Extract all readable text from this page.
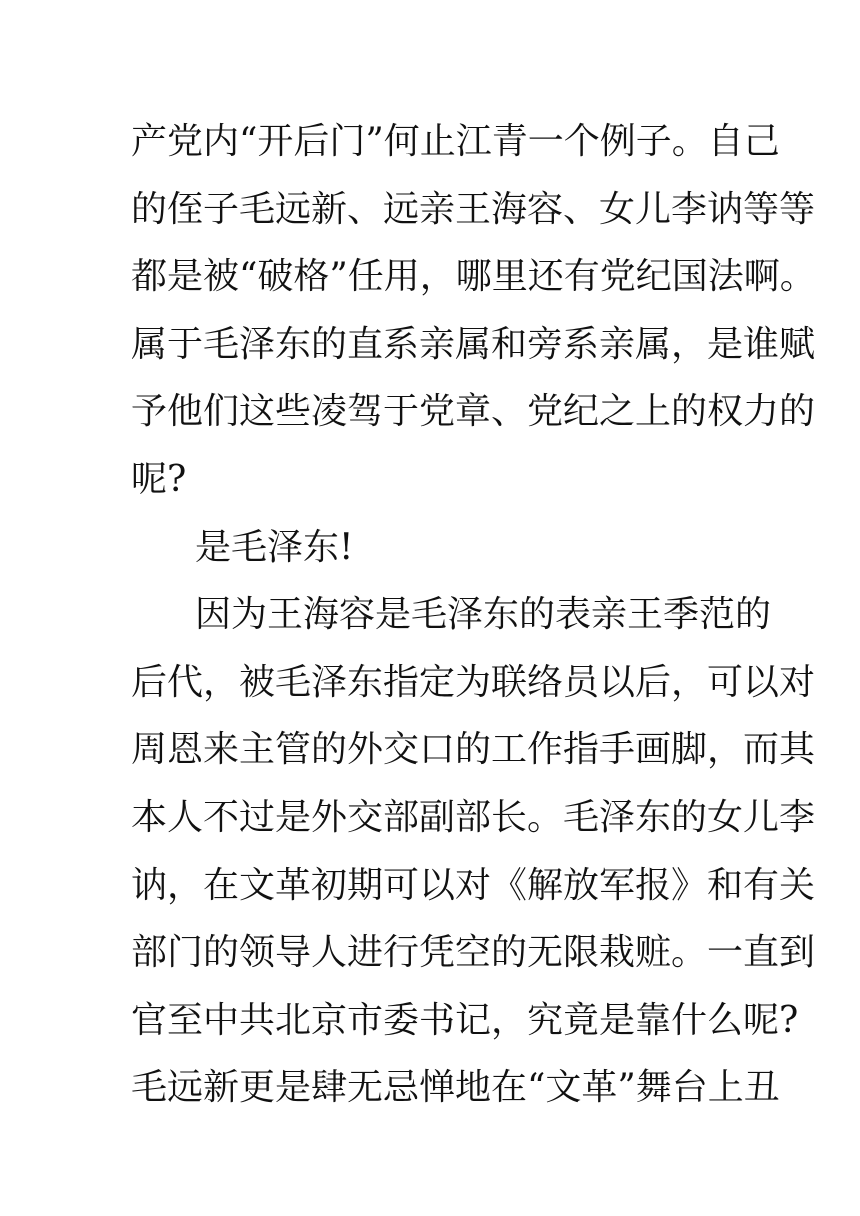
产党内“开后门”何止江青一个例子。自己
的侄子毛远新、远亲王海容、女儿李讷等等
都是被“破格”任用，哪里还有党纪国法啊。
属于毛泽东的直系亲属和旁系亲属，是谁赋
予他们这些凌驾于党章、党纪之上的权力的
呢?
是毛泽东!
因为王海容是毛泽东的表亲王季范的
后代，被毛泽东指定为联络员以后，可以对
周恩来主管的外交口的工作指手画脚，而其
本人不过是外交部副部长。毛泽东的女儿李
讷，在文革初期可以对《解放军报》和有关
部门的领导人进行凭空的无限栽赃。一直到
官至中共北京市委书记，究竟是靠什么呢?
毛远新更是肆无忌惮地在“文革”舞台上丑
